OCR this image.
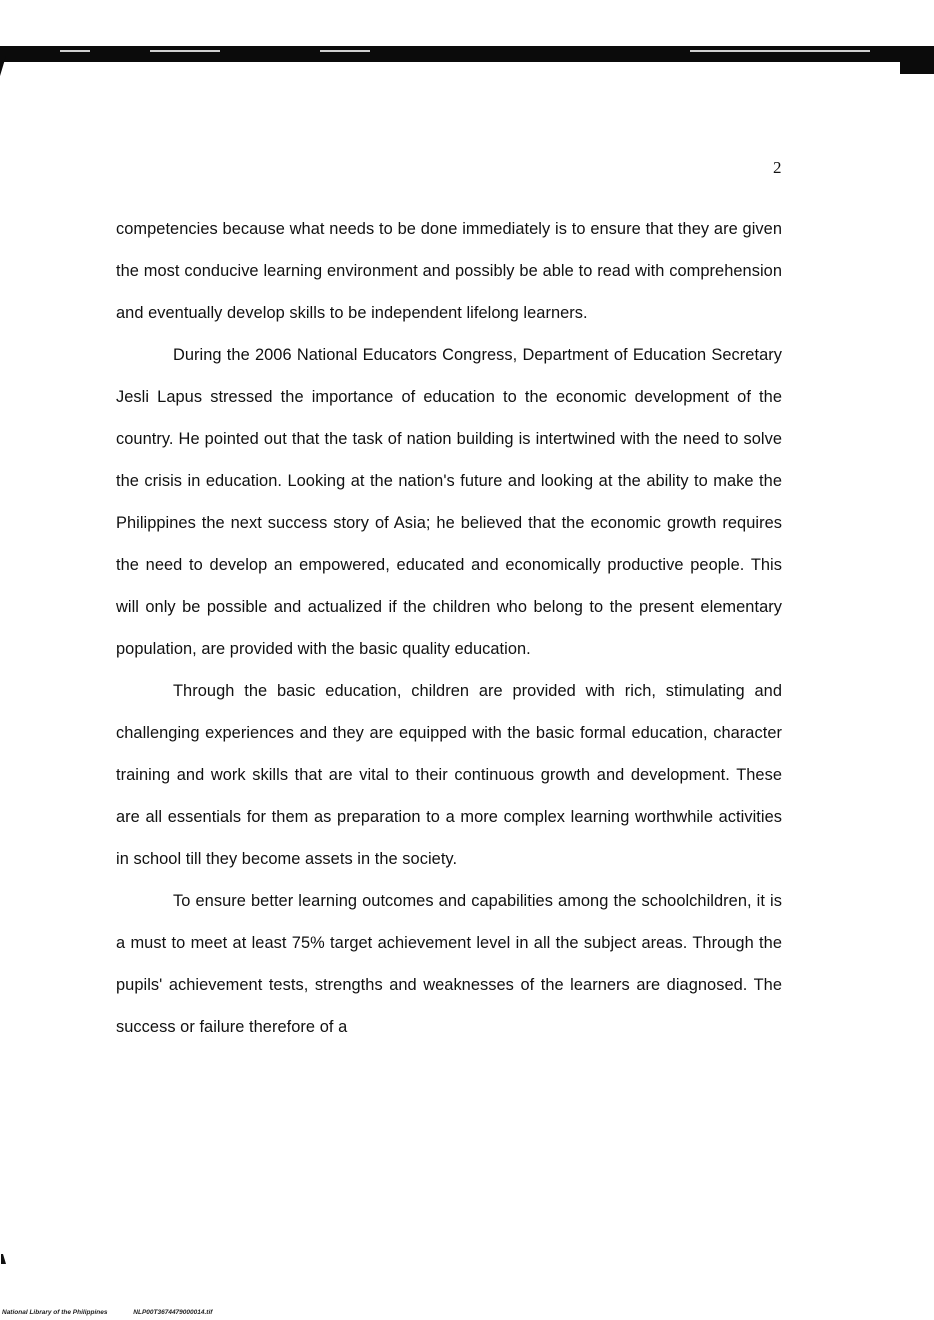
2

competencies because what needs to be done immediately is to ensure that they are given the most conducive learning environment and possibly be able to read with comprehension and eventually develop skills to be independent lifelong learners.

During the 2006 National Educators Congress, Department of Education Secretary Jesli Lapus stressed the importance of education to the economic development of the country. He pointed out that the task of nation building is intertwined with the need to solve the crisis in education. Looking at the nation's future and looking at the ability to make the Philippines the next success story of Asia; he believed that the economic growth requires the need to develop an empowered, educated and economically productive people. This will only be possible and actualized if the children who belong to the present elementary population, are provided with the basic quality education.

Through the basic education, children are provided with rich, stimulating and challenging experiences and they are equipped with the basic formal education, character training and work skills that are vital to their continuous growth and development. These are all essentials for them as preparation to a more complex learning worthwhile activities in school till they become assets in the society.

To ensure better learning outcomes and capabilities among the schoolchildren, it is a must to meet at least 75% target achievement level in all the subject areas. Through the pupils' achievement tests, strengths and weaknesses of the learners are diagnosed. The success or failure therefore of a

National Library of the Philippines	NLP00T3674479000014.tif
